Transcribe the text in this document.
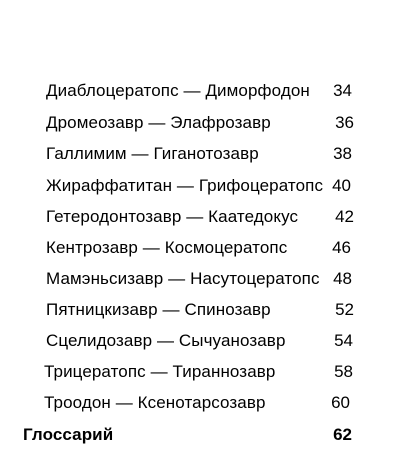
Диаблоцератопс — Диморфодон	34
Дромеозавр — Элафрозавр	36
Галлимим — Гиганотозавр	38
Жираффатитан — Грифоцератопс 40
Гетеродонтозавр — Каатедокус	42
Кентрозавр — Космоцератопс	46
Мамэньсизавр — Насутоцератопс 48
Пятницкизавр — Спинозавр	52
Сцелидозавр — Сычуанозавр	54
Трицератопс — Тираннозавр	58
Троодон — Ксенотарсозавр	60
Глоссарий	62
